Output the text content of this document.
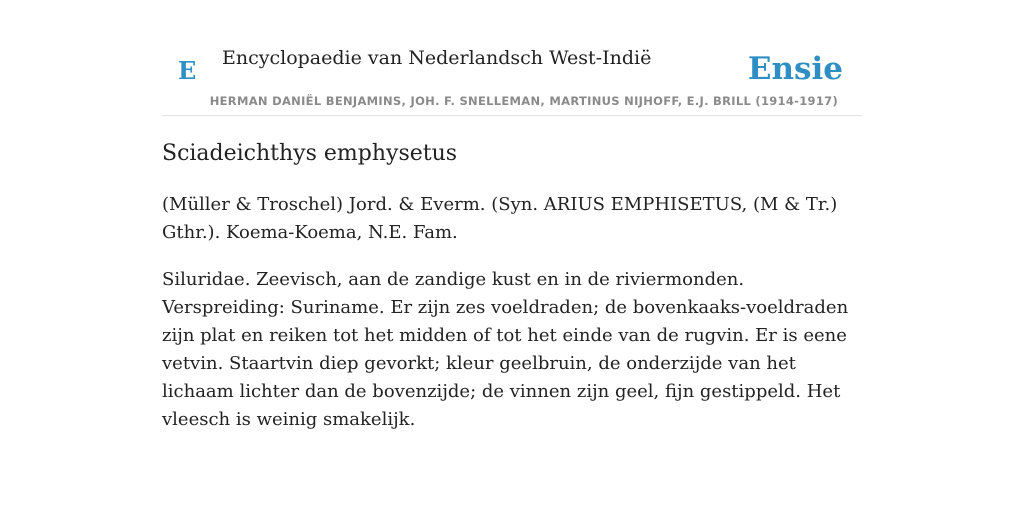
E Encyclopaedie van Nederlandsch West-Indië	Ensie
HERMAN DANIËL BENJAMINS, JOH. F. SNELLEMAN, MARTINUS NIJHOFF, E.J. BRILL (1914-1917)
Sciadeichthys emphysetus

(Müller & Troschel) Jord. & Everm. (Syn. ARIUS EMPHISETUS, (M & Tr.) Gthr.). Koema-Koema, N.E. Fam.

Siluridae. Zeevisch, aan de zandige kust en in de riviermonden. Verspreiding: Suriname. Er zijn zes voeldraden; de bovenkaaks-voeldraden zijn plat en reiken tot het midden of tot het einde van de rugvin. Er is eene vetvin. Staartvin diep gevorkt; kleur geelbruin, de onderzijde van het lichaam lichter dan de bovenzijde; de vinnen zijn geel, fijn gestippeld. Het vleesch is weinig smakelijk.
